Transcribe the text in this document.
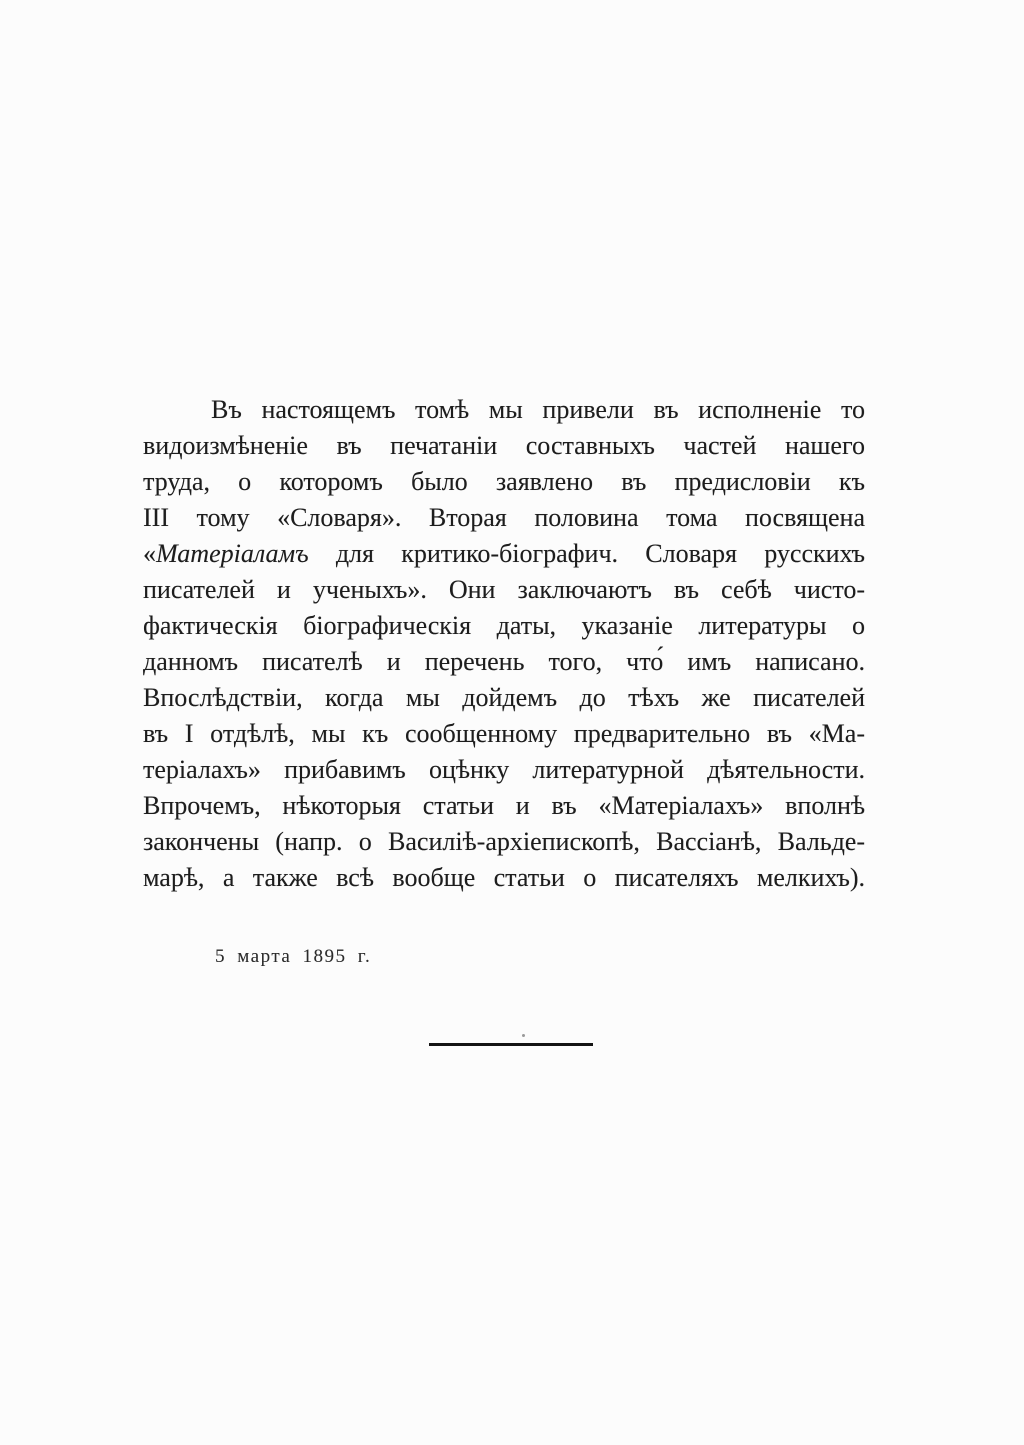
Въ настоящемъ томѣ мы привели въ исполненіе то
видоизмѣненіе въ печатаніи составныхъ частей нашего
труда, о которомъ было заявлено въ предисловіи къ
III тому «Словаря». Вторая половина тома посвящена
«Матеріаламъ для критико-біографич. Словаря русскихъ
писателей и ученыхъ». Они заключаютъ въ себѣ чисто-
фактическія біографическія даты, указаніе литературы о
данномъ писателѣ и перечень того, что́ имъ написано.
Впослѣдствіи, когда мы дойдемъ до тѣхъ же писателей
въ I отдѣлѣ, мы къ сообщенному предварительно въ «Ма-
теріалахъ» прибавимъ оцѣнку литературной дѣятельности.
Впрочемъ, нѣкоторыя статьи и въ «Матеріалахъ» вполнѣ
закончены (напр. о Василіѣ-архіепископѣ, Вассіанѣ, Вальде-
марѣ, а также всѣ вообще статьи о писателяхъ мелкихъ).
5 марта 1895 г.
